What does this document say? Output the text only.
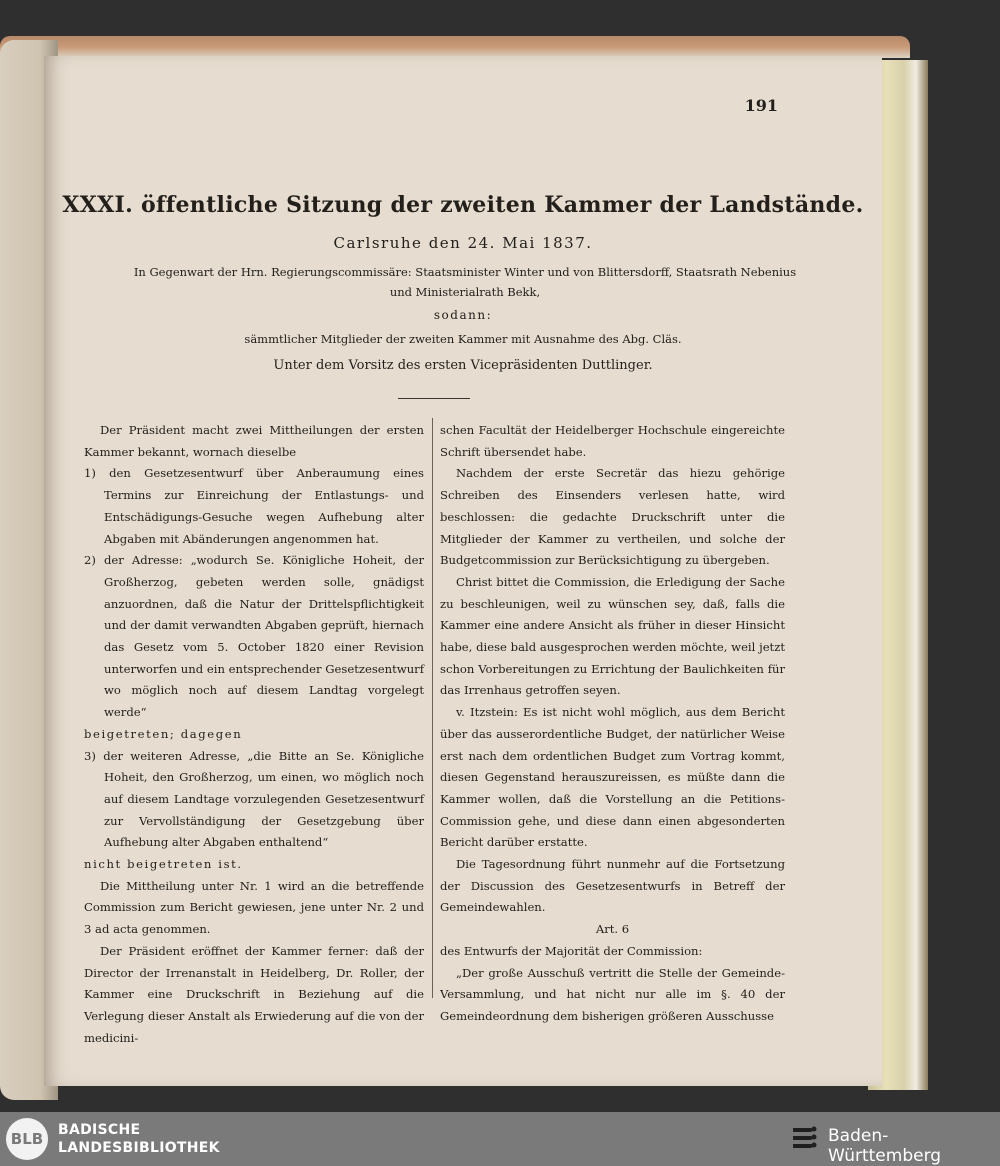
191
XXXI. öffentliche Sitzung der zweiten Kammer der Landstände.
Carlsruhe den 24. Mai 1837.
In Gegenwart der Hrn. Regierungscommissäre: Staatsminister Winter und von Blittersdorff, Staatsrath Nebenius
und Ministerialrath Bekk,
sodann:
sämmtlicher Mitglieder der zweiten Kammer mit Ausnahme des Abg. Cläs.
Unter dem Vorsitz des ersten Vicepräsidenten Duttlinger.

Der Präsident macht zwei Mittheilungen der ersten Kammer bekannt, wornach dieselbe

1) den Gesetzesentwurf über Anberaumung eines Termins zur Einreichung der Entlastungs- und Entschädigungs-Gesuche wegen Aufhebung alter Abgaben mit Abänderungen angenommen hat.

2) der Adresse: „wodurch Se. Königliche Hoheit, der Großherzog, gebeten werden solle, gnädigst anzuordnen, daß die Natur der Drittelspflichtigkeit und der damit verwandten Abgaben geprüft, hiernach das Gesetz vom 5. October 1820 einer Revision unterworfen und ein entsprechender Gesetzesentwurf wo möglich noch auf diesem Landtag vorgelegt werde“

beigetreten; dagegen

3) der weiteren Adresse, „die Bitte an Se. Königliche Hoheit, den Großherzog, um einen, wo möglich noch auf diesem Landtage vorzulegenden Gesetzesentwurf zur Vervollständigung der Gesetzgebung über Aufhebung alter Abgaben enthaltend“

nicht beigetreten ist.

Die Mittheilung unter Nr. 1 wird an die betreffende Commission zum Bericht gewiesen, jene unter Nr. 2 und 3 ad acta genommen.

Der Präsident eröffnet der Kammer ferner: daß der Director der Irrenanstalt in Heidelberg, Dr. Roller, der Kammer eine Druckschrift in Beziehung auf die Verlegung dieser Anstalt als Erwiederung auf die von der medicini-

schen Facultät der Heidelberger Hochschule eingereichte Schrift übersendet habe.

Nachdem der erste Secretär das hiezu gehörige Schreiben des Einsenders verlesen hatte, wird beschlossen: die gedachte Druckschrift unter die Mitglieder der Kammer zu vertheilen, und solche der Budgetcommission zur Berücksichtigung zu übergeben.

Christ bittet die Commission, die Erledigung der Sache zu beschleunigen, weil zu wünschen sey, daß, falls die Kammer eine andere Ansicht als früher in dieser Hinsicht habe, diese bald ausgesprochen werden möchte, weil jetzt schon Vorbereitungen zu Errichtung der Baulichkeiten für das Irrenhaus getroffen seyen.

v. Itzstein: Es ist nicht wohl möglich, aus dem Bericht über das ausserordentliche Budget, der natürlicher Weise erst nach dem ordentlichen Budget zum Vortrag kommt, diesen Gegenstand herauszureissen, es müßte dann die Kammer wollen, daß die Vorstellung an die Petitions-Commission gehe, und diese dann einen abgesonderten Bericht darüber erstatte.

Die Tagesordnung führt nunmehr auf die Fortsetzung der Discussion des Gesetzesentwurfs in Betreff der Gemeindewahlen.

Art. 6

des Entwurfs der Majorität der Commission:

„Der große Ausschuß vertritt die Stelle der Gemeinde-Versammlung, und hat nicht nur alle im §. 40 der Gemeindeordnung dem bisherigen größeren Ausschusse

BLB	BADISCHE
LANDESBIBLIOTHEK
Baden-Württemberg
